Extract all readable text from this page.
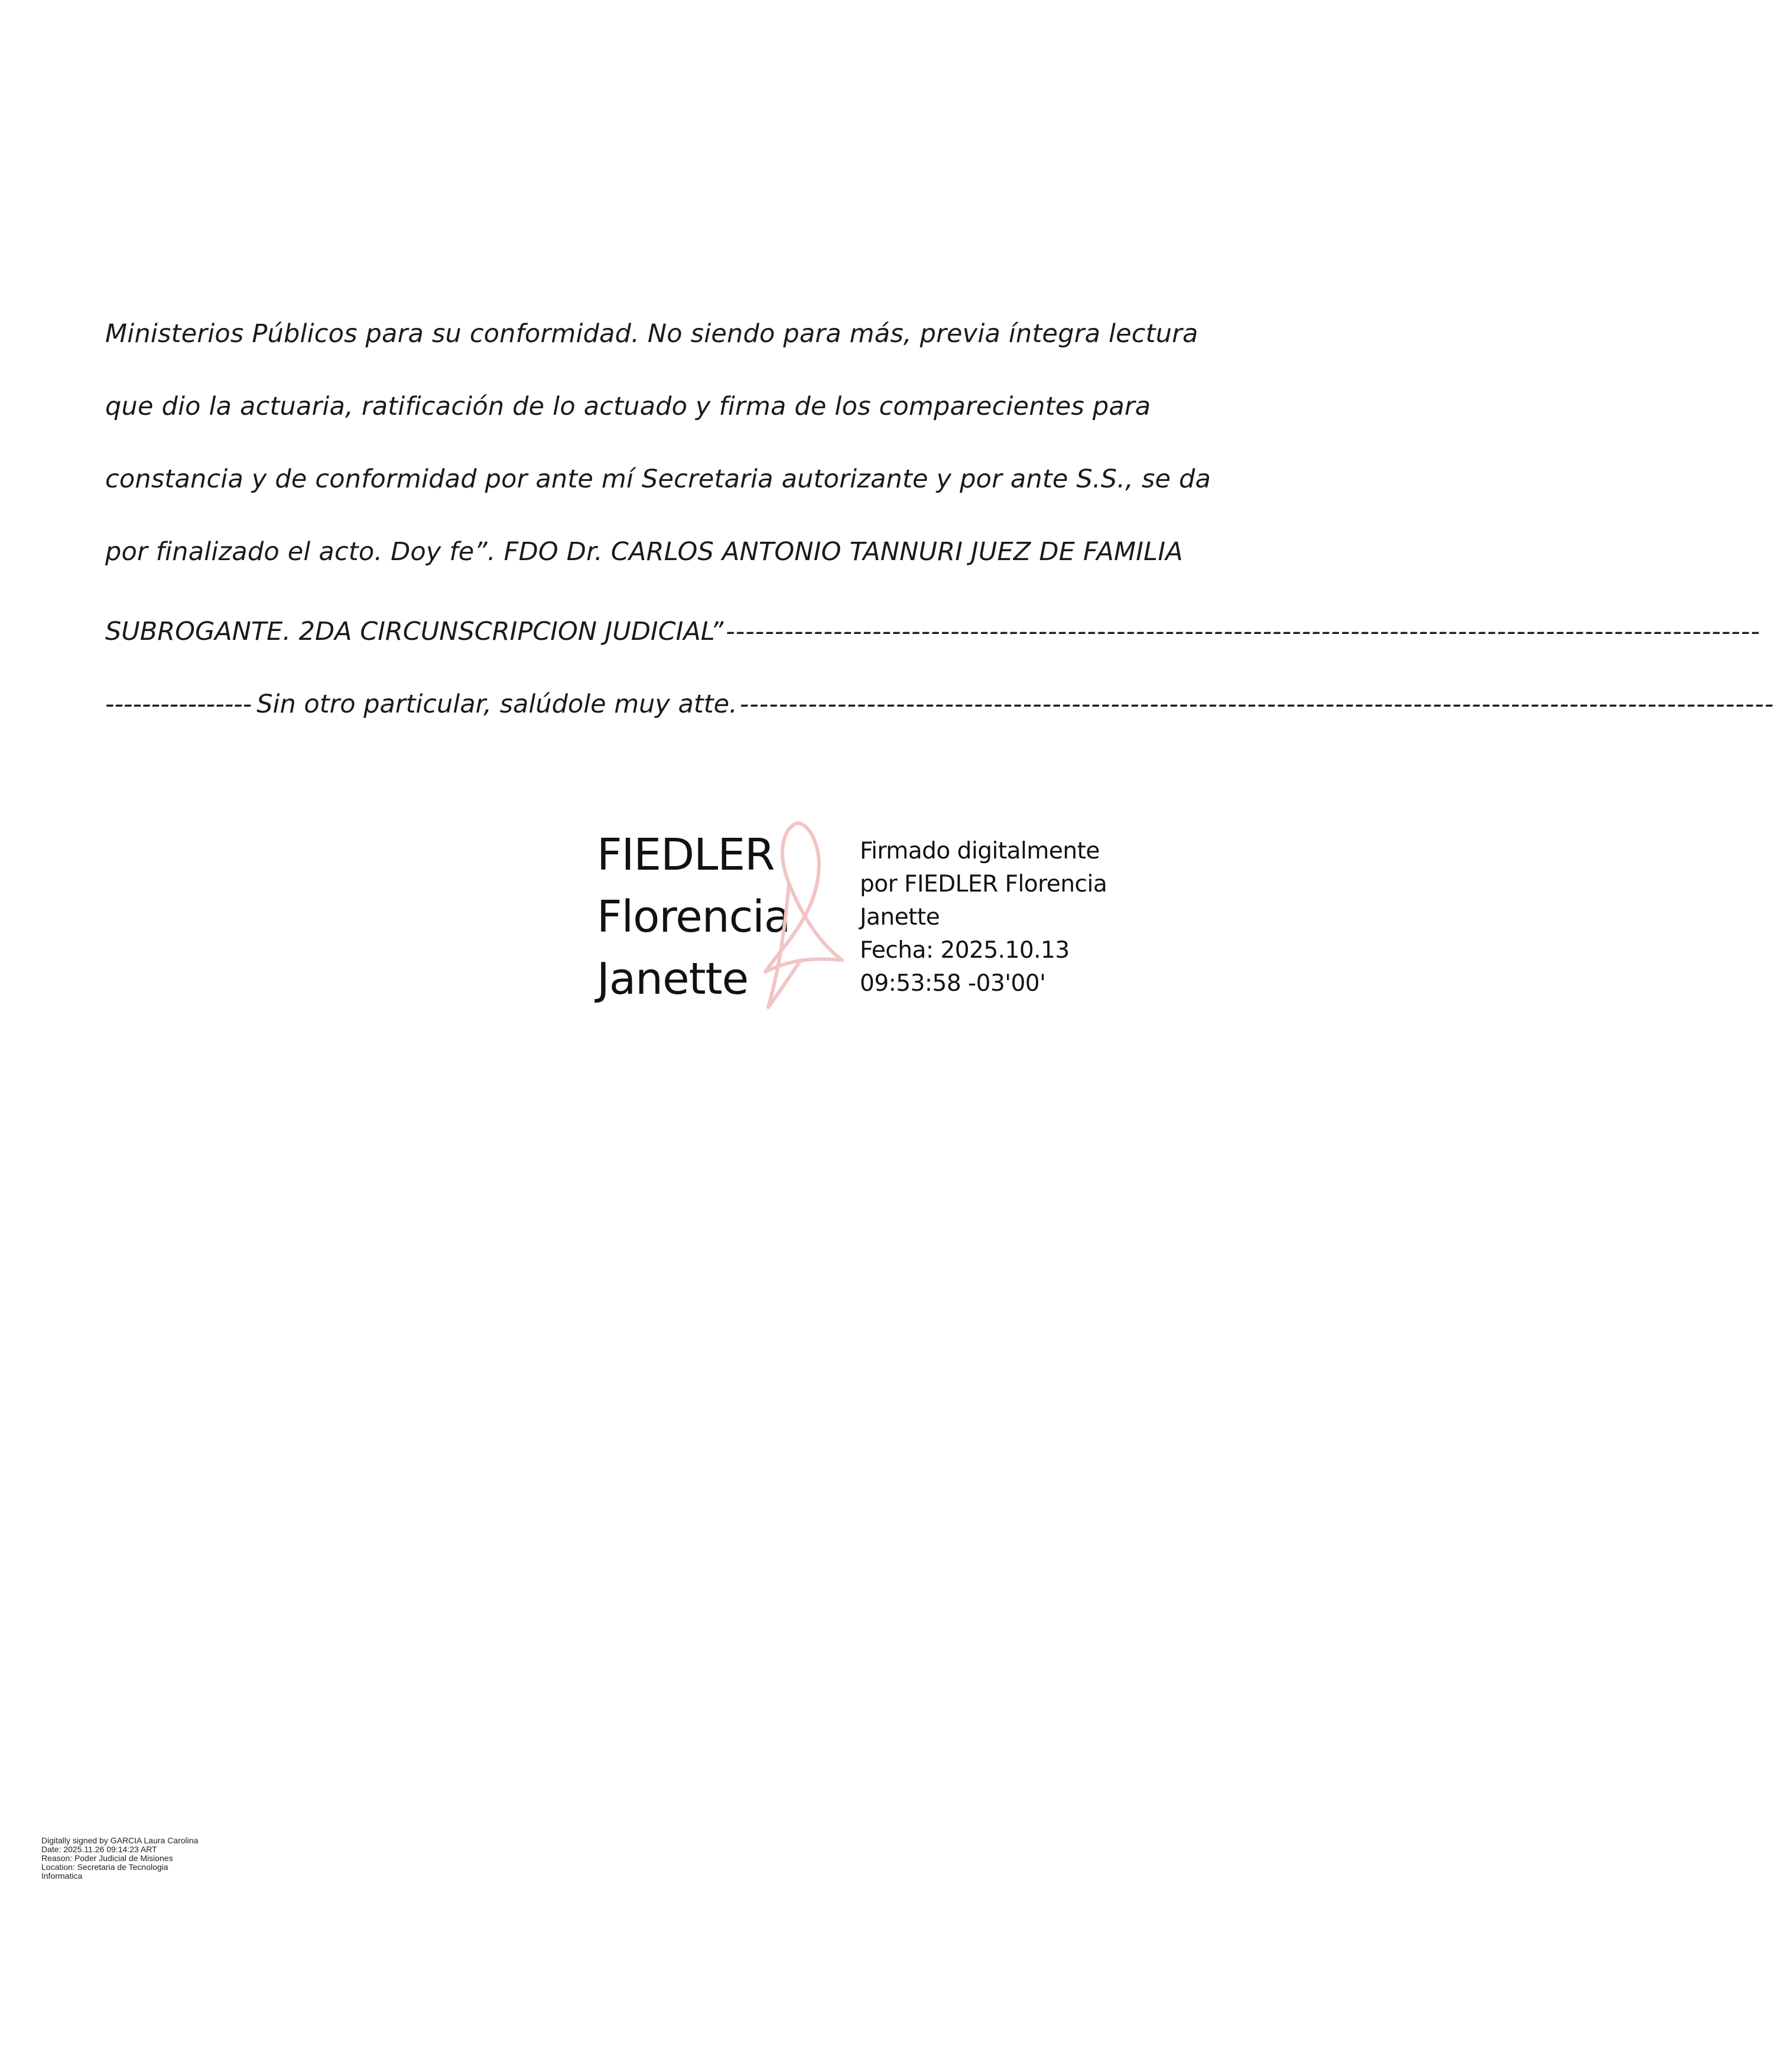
Ministerios Públicos para su conformidad. No siendo para más, previa íntegra lectura
que dio la actuaria, ratificación de lo actuado y firma de los comparecientes para
constancia y de conformidad por ante mí Secretaria autorizante y por ante S.S., se da
por finalizado el acto. Doy fe”. FDO Dr. CARLOS ANTONIO TANNURI JUEZ DE FAMILIA
SUBROGANTE. 2DA CIRCUNSCRIPCION JUDICIAL” ----------------------------------------------------------------------------------------------------------
---------------- Sin otro particular, salúdole muy atte. ----------------------------------------------------------------------------------------------------------
FIEDLER
Florencia
Janette
Firmado digitalmente
por FIEDLER Florencia
Janette
Fecha: 2025.10.13
09:53:58 -03'00'
Digitally signed by GARCIA Laura Carolina
Date: 2025.11.26 09:14:23 ART
Reason: Poder Judicial de Misiones
Location: Secretaria de Tecnologia
Informatica
